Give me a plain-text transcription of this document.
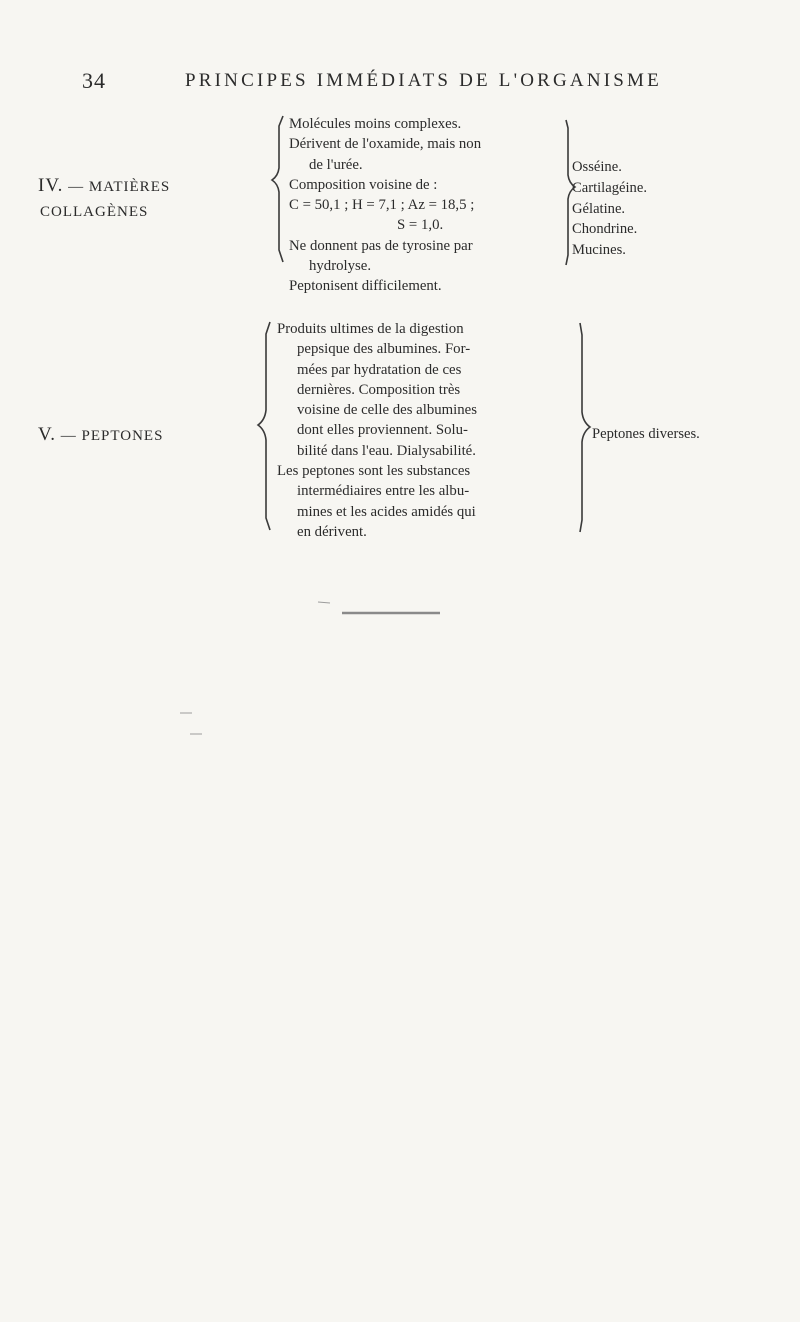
34	PRINCIPES IMMÉDIATS DE L'ORGANISME
IV. — MATIÈRES
COLLAGÈNES
Molécules moins complexes.
Dérivent de l'oxamide, mais non
de l'urée.
Composition voisine de :
C = 50,1 ; H = 7,1 ; Az = 18,5 ;
S = 1,0.
Ne donnent pas de tyrosine par
hydrolyse.
Peptonisent difficilement.
Osséine.
Cartilagéine.
Gélatine.
Chondrine.
Mucines.
V. — PEPTONES
Produits ultimes de la digestion
pepsique des albumines. For-
mées par hydratation de ces
dernières. Composition très
voisine de celle des albumines
dont elles proviennent. Solu-
bilité dans l'eau. Dialysabilité.
Les peptones sont les substances
intermédiaires entre les albu-
mines et les acides amidés qui
en dérivent.
Peptones diverses.
